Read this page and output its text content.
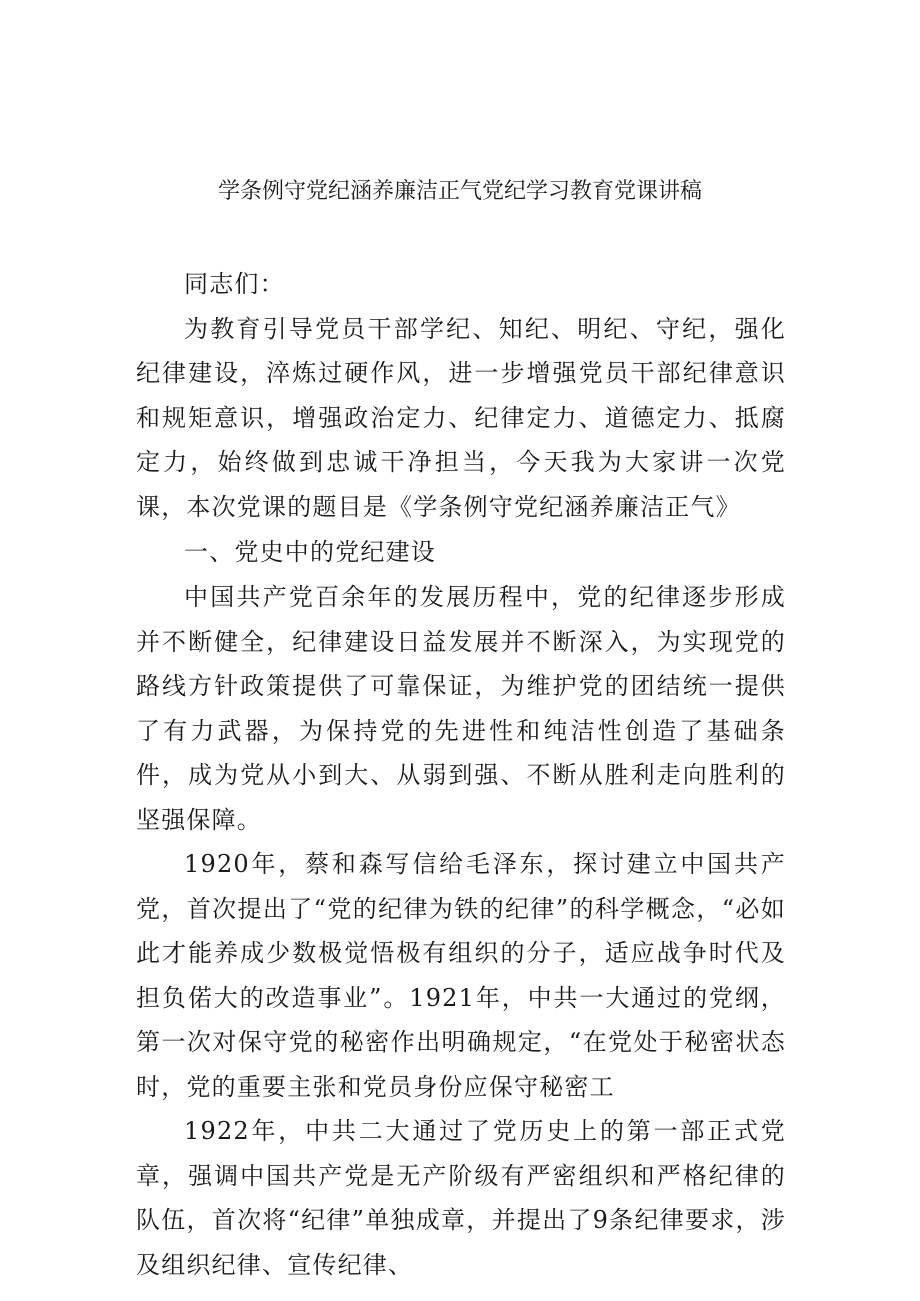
学条例守党纪涵养廉洁正气党纪学习教育党课讲稿

同志们：

为教育引导党员干部学纪、知纪、明纪、守纪，强化纪律建设，淬炼过硬作风，进一步增强党员干部纪律意识和规矩意识，增强政治定力、纪律定力、道德定力、抵腐定力，始终做到忠诚干净担当，今天我为大家讲一次党课，本次党课的题目是《学条例守党纪涵养廉洁正气》

一、党史中的党纪建设

中国共产党百余年的发展历程中，党的纪律逐步形成并不断健全，纪律建设日益发展并不断深入，为实现党的路线方针政策提供了可靠保证，为维护党的团结统一提供了有力武器，为保持党的先进性和纯洁性创造了基础条件，成为党从小到大、从弱到强、不断从胜利走向胜利的坚强保障。

1920年，蔡和森写信给毛泽东，探讨建立中国共产党，首次提出了“党的纪律为铁的纪律”的科学概念，“必如此才能养成少数极觉悟极有组织的分子，适应战争时代及担负偌大的改造事业”。1921年，中共一大通过的党纲，第一次对保守党的秘密作出明确规定，“在党处于秘密状态时，党的重要主张和党员身份应保守秘密工

1922年，中共二大通过了党历史上的第一部正式党章，强调中国共产党是无产阶级有严密组织和严格纪律的队伍，首次将“纪律”单独成章，并提出了9条纪律要求，涉及组织纪律、宣传纪律、
